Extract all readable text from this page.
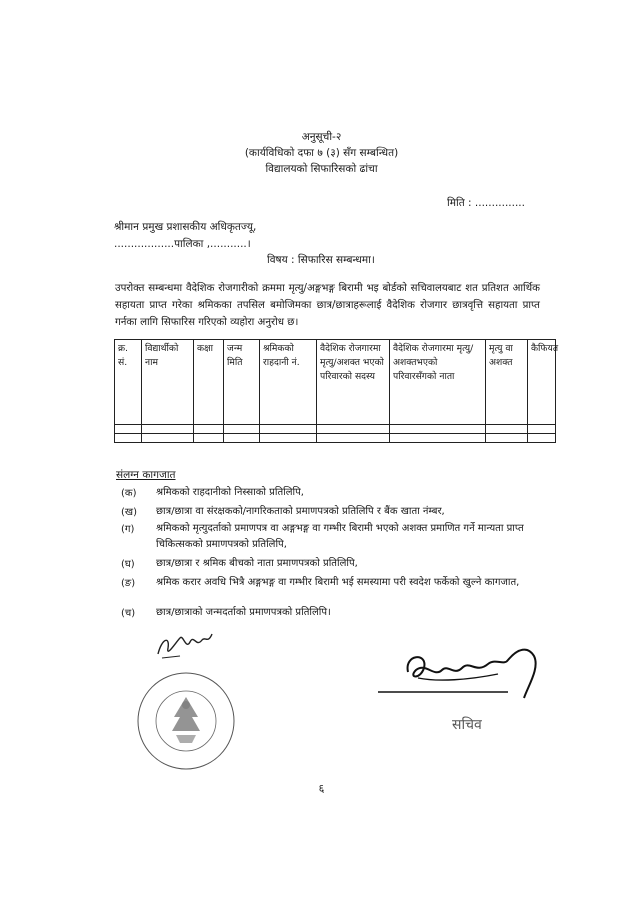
अनुसूची-२
(कार्यविधिको दफा ७ (३) सँग सम्बन्धित)
विद्यालयको सिफारिसको ढांचा
मिति : ...............
श्रीमान प्रमुख प्रशासकीय अधिकृतज्यू,
..................पालिका ,...........।
विषय : सिफारिस सम्बन्धमा।
उपरोक्त सम्बन्धमा वैदेशिक रोजगारीको क्रममा मृत्यु/अङ्गभङ्ग बिरामी भइ बोर्डको सचिवालयबाट शत प्रतिशत आर्थिक सहायता प्राप्त गरेका श्रमिकका तपसिल बमोजिमका छात्र/छात्राहरूलाई वैदेशिक रोजगार छात्रवृत्ति सहायता प्राप्त गर्नका लागि सिफारिस गरिएको व्यहोरा अनुरोध छ।
क्र. सं.	विद्यार्थीको नाम	कक्षा	जन्म मिति	श्रमिकको राहदानी नं.	वैदेशिक रोजगारमा मृत्यु/अशक्त भएको परिवारको सदस्य	वैदेशिक रोजगारमा मृत्यु/अशक्तभएको परिवारसँगको नाता	मृत्यु वा अशक्त	कैफियत

संलग्न कागजात
(क) श्रमिकको राहदानीको निस्साको प्रतिलिपि,
(ख) छात्र/छात्रा वा संरक्षकको/नागरिकताको प्रमाणपत्रको प्रतिलिपि र बैंक खाता नंम्बर,
(ग) श्रमिकको मृत्युदर्ताको प्रमाणपत्र वा अङ्गभङ्ग वा गम्भीर बिरामी भएको अशक्त प्रमाणित गर्ने मान्यता प्राप्त चिकित्सकको प्रमाणपत्रको प्रतिलिपि,
(घ) छात्र/छात्रा र श्रमिक बीचको नाता प्रमाणपत्रको प्रतिलिपि,
(ङ) श्रमिक करार अवधि भित्रै अङ्गभङ्ग वा गम्भीर बिरामी भई समस्यामा परी स्वदेश फर्केको खुल्ने कागजात,
(च) छात्र/छात्राको जन्मदर्ताको प्रमाणपत्रको प्रतिलिपि।
सचिव
६
